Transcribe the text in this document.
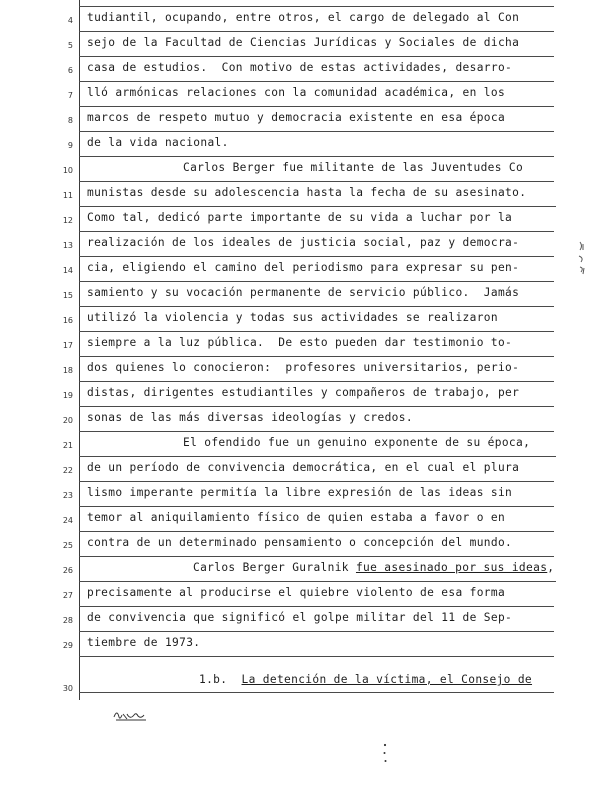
4 tudiantil, ocupando, entre otros, el cargo de delegado al Con
5 sejo de la Facultad de Ciencias Jurídicas y Sociales de dicha
6 casa de estudios.  Con motivo de estas actividades, desarro-
7 lló armónicas relaciones con la comunidad académica, en los
8 marcos de respeto mutuo y democracia existente en esa época
9 de la vida nacional.
10	Carlos Berger fue militante de las Juventudes Co
11 munistas desde su adolescencia hasta la fecha de su asesinato.
12 Como tal, dedicó parte importante de su vida a luchar por la
13 realización de los ideales de justicia social, paz y democra-
14 cia, eligiendo el camino del periodismo para expresar su pen-
15 samiento y su vocación permanente de servicio público.  Jamás
16 utilizó la violencia y todas sus actividades se realizaron
17 siempre a la luz pública.  De esto pueden dar testimonio to-
18 dos quienes lo conocieron:  profesores universitarios, perio-
19 distas, dirigentes estudiantiles y compañeros de trabajo, per
20 sonas de las más diversas ideologías y credos.
21	El ofendido fue un genuino exponente de su época,
22 de un período de convivencia democrática, en el cual el plura
23 lismo imperante permitía la libre expresión de las ideas sin
24 temor al aniquilamiento físico de quien estaba a favor o en
25 contra de un determinado pensamiento o concepción del mundo.
26	Carlos Berger Guralnik fue asesinado por sus ideas,
27 precisamente al producirse el quiebre violento de esa forma
28 de convivencia que significó el golpe militar del 11 de Sep-
29 tiembre de 1973.
30
1.b.  La detención de la víctima, el Consejo de
